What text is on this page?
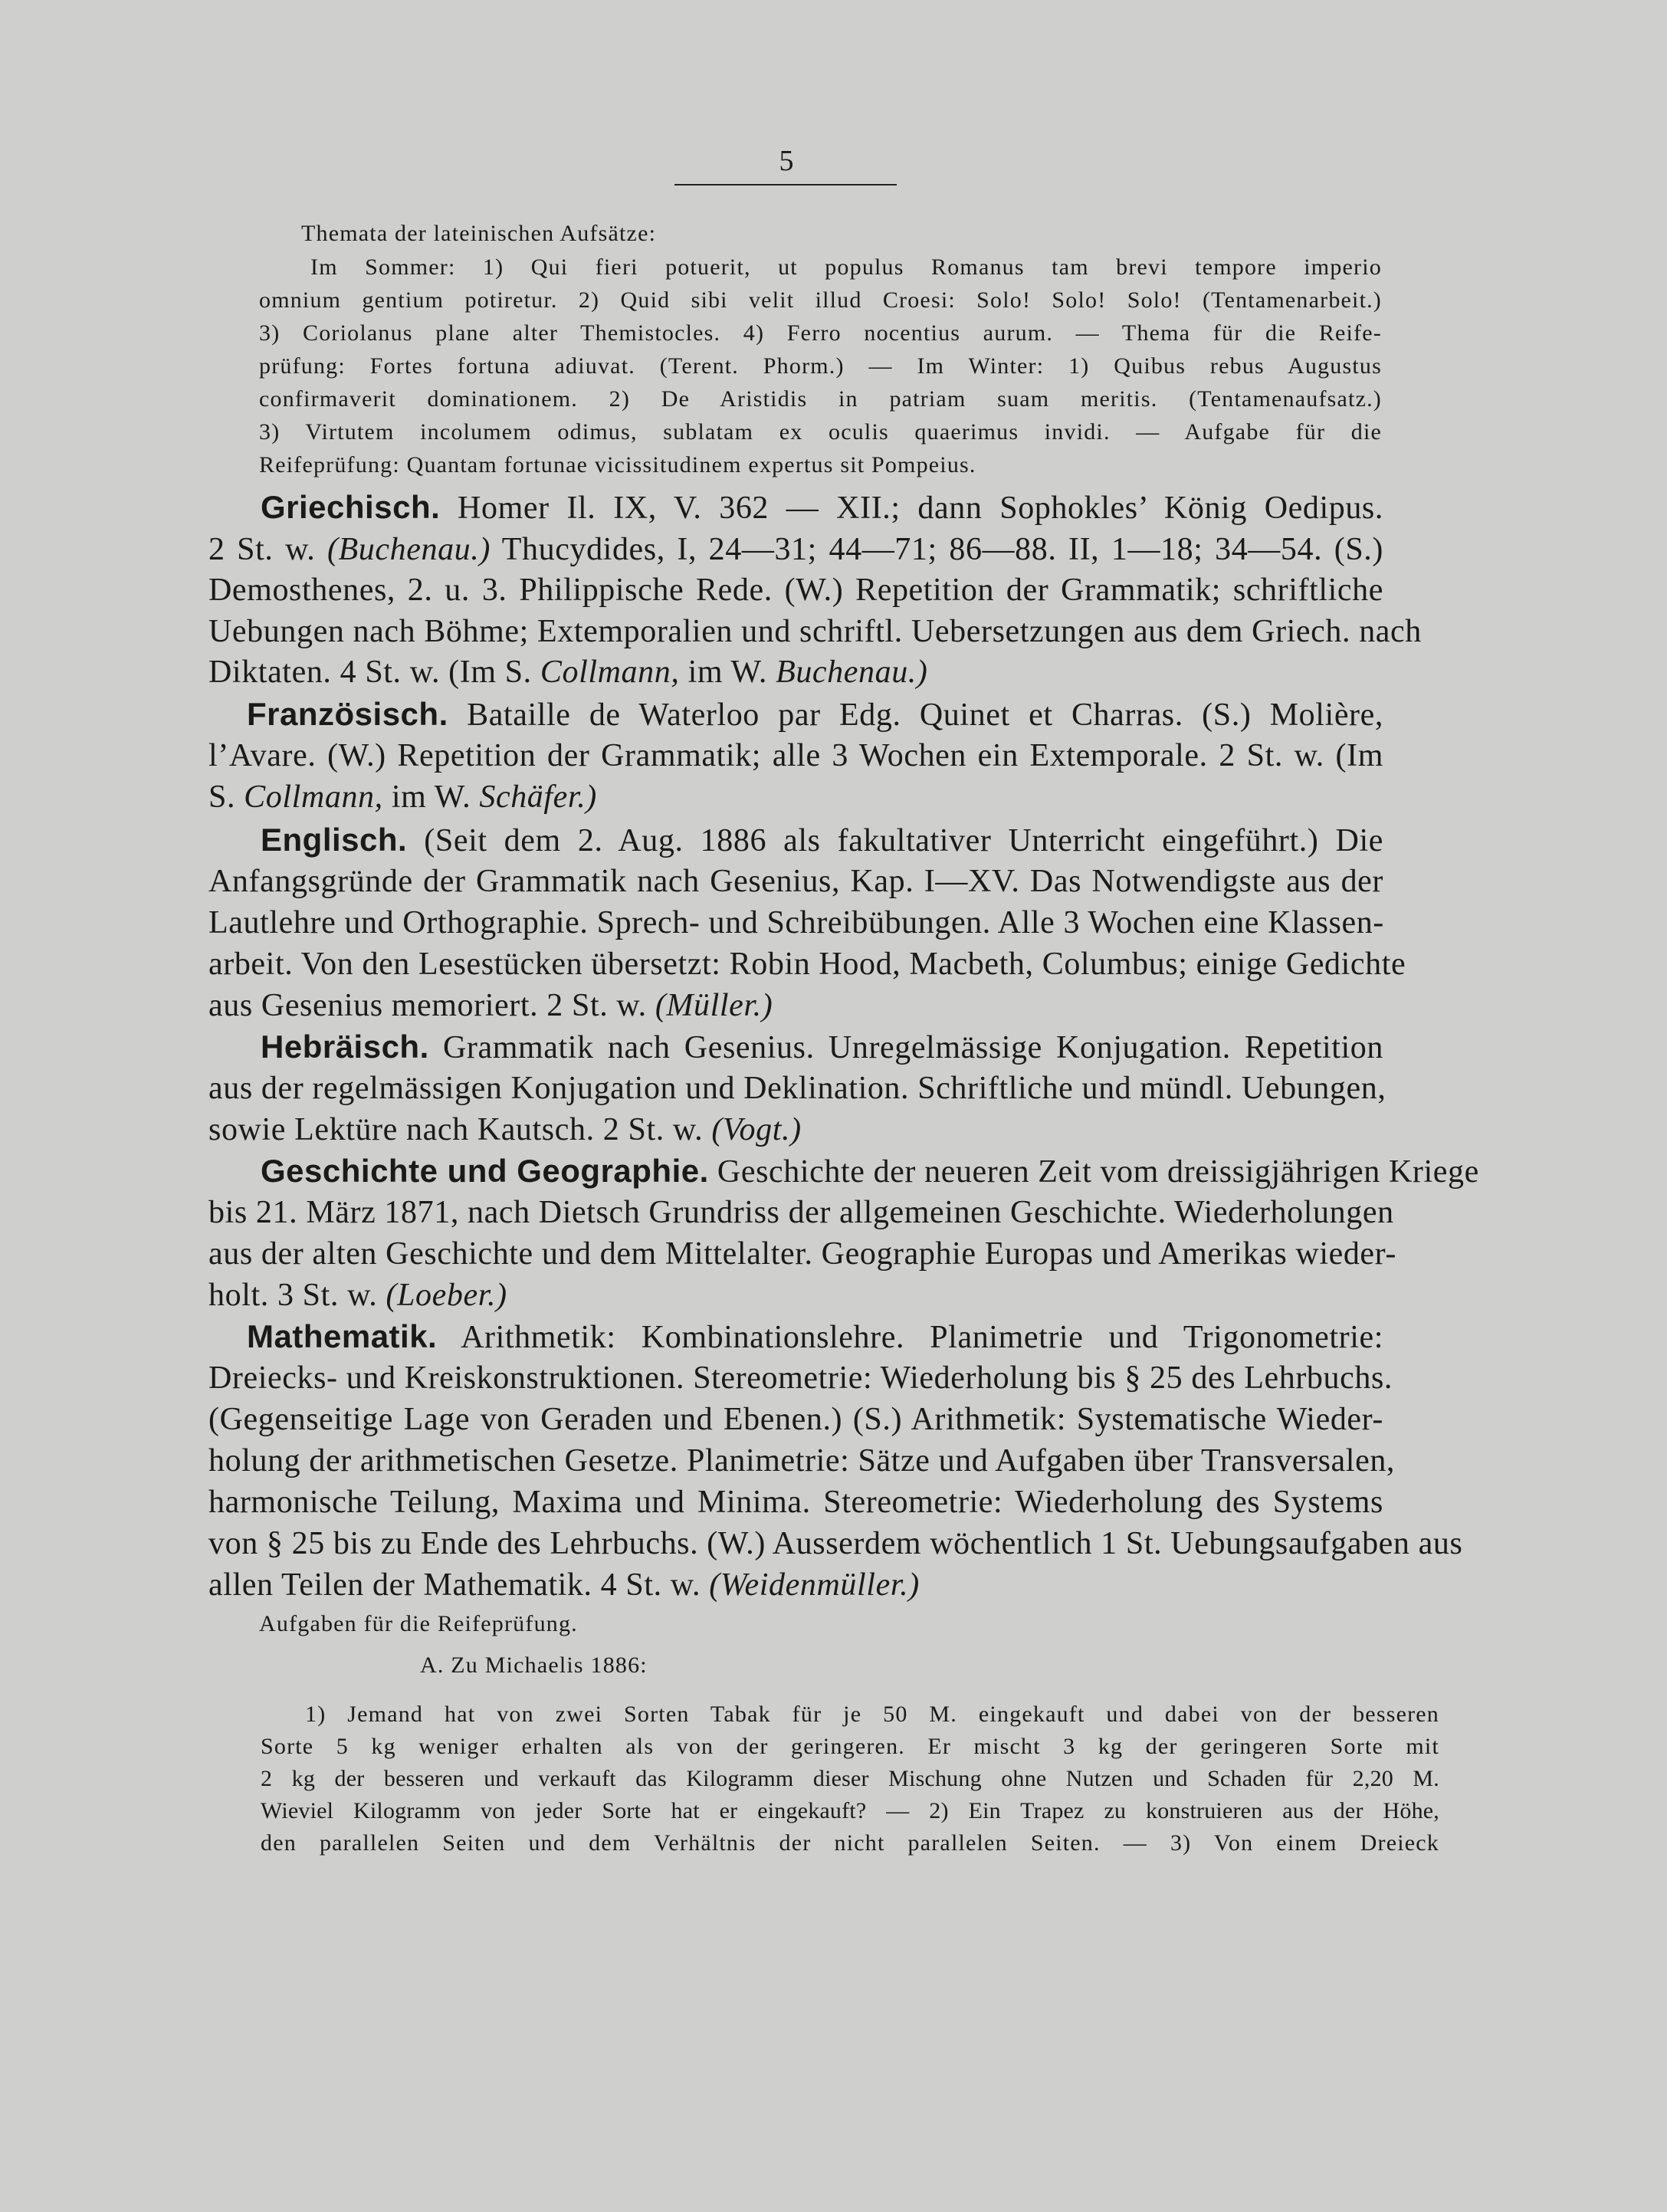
5
Themata der lateinischen Aufsätze:
Im Sommer: 1) Qui fieri potuerit, ut populus Romanus tam brevi tempore imperio
omnium gentium potiretur. 2) Quid sibi velit illud Croesi: Solo! Solo! Solo! (Tentamenarbeit.)
3) Coriolanus plane alter Themistocles. 4) Ferro nocentius aurum. — Thema für die Reife-
prüfung: Fortes fortuna adiuvat. (Terent. Phorm.) — Im Winter: 1) Quibus rebus Augustus
confirmaverit dominationem. 2) De Aristidis in patriam suam meritis. (Tentamenaufsatz.)
3) Virtutem incolumem odimus, sublatam ex oculis quaerimus invidi. — Aufgabe für die
Reifeprüfung: Quantam fortunae vicissitudinem expertus sit Pompeius.
Griechisch. Homer Il. IX, V. 362 — XII.; dann Sophokles’ König Oedipus.
2 St. w. (Buchenau.) Thucydides, I, 24—31; 44—71; 86—88. II, 1—18; 34—54. (S.)
Demosthenes, 2. u. 3. Philippische Rede. (W.) Repetition der Grammatik; schriftliche
Uebungen nach Böhme; Extemporalien und schriftl. Uebersetzungen aus dem Griech. nach
Diktaten. 4 St. w. (Im S. Collmann, im W. Buchenau.)
Französisch. Bataille de Waterloo par Edg. Quinet et Charras. (S.) Molière,
l’Avare. (W.) Repetition der Grammatik; alle 3 Wochen ein Extemporale. 2 St. w. (Im
S. Collmann, im W. Schäfer.)
Englisch. (Seit dem 2. Aug. 1886 als fakultativer Unterricht eingeführt.) Die
Anfangsgründe der Grammatik nach Gesenius, Kap. I—XV. Das Notwendigste aus der
Lautlehre und Orthographie. Sprech- und Schreibübungen. Alle 3 Wochen eine Klassen-
arbeit. Von den Lesestücken übersetzt: Robin Hood, Macbeth, Columbus; einige Gedichte
aus Gesenius memoriert. 2 St. w. (Müller.)
Hebräisch. Grammatik nach Gesenius. Unregelmässige Konjugation. Repetition
aus der regelmässigen Konjugation und Deklination. Schriftliche und mündl. Uebungen,
sowie Lektüre nach Kautsch. 2 St. w. (Vogt.)
Geschichte und Geographie. Geschichte der neueren Zeit vom dreissigjährigen Kriege
bis 21. März 1871, nach Dietsch Grundriss der allgemeinen Geschichte. Wiederholungen
aus der alten Geschichte und dem Mittelalter. Geographie Europas und Amerikas wieder-
holt. 3 St. w. (Loeber.)
Mathematik. Arithmetik: Kombinationslehre. Planimetrie und Trigonometrie:
Dreiecks- und Kreiskonstruktionen. Stereometrie: Wiederholung bis § 25 des Lehrbuchs.
(Gegenseitige Lage von Geraden und Ebenen.) (S.) Arithmetik: Systematische Wieder-
holung der arithmetischen Gesetze. Planimetrie: Sätze und Aufgaben über Transversalen,
harmonische Teilung, Maxima und Minima. Stereometrie: Wiederholung des Systems
von § 25 bis zu Ende des Lehrbuchs. (W.) Ausserdem wöchentlich 1 St. Uebungsaufgaben aus
allen Teilen der Mathematik. 4 St. w. (Weidenmüller.)
Aufgaben für die Reifeprüfung.
A. Zu Michaelis 1886:
1) Jemand hat von zwei Sorten Tabak für je 50 M. eingekauft und dabei von der besseren
Sorte 5 kg weniger erhalten als von der geringeren. Er mischt 3 kg der geringeren Sorte mit
2 kg der besseren und verkauft das Kilogramm dieser Mischung ohne Nutzen und Schaden für 2,20 M.
Wieviel Kilogramm von jeder Sorte hat er eingekauft? — 2) Ein Trapez zu konstruieren aus der Höhe,
den parallelen Seiten und dem Verhältnis der nicht parallelen Seiten. — 3) Von einem Dreieck
